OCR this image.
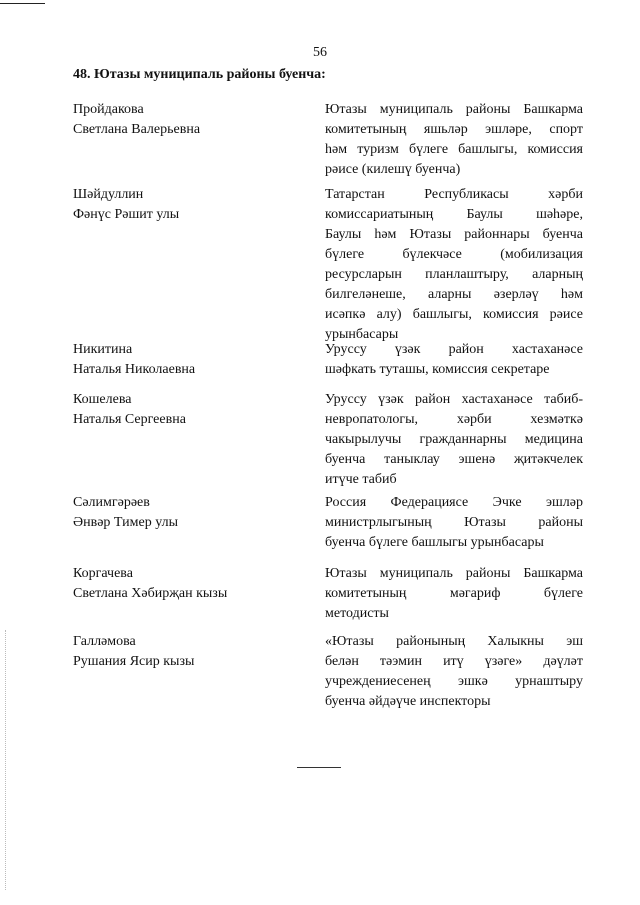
56
48. Ютазы муниципаль районы буенча:
Пройдакова
Светлана Валерьевна
Ютазы муниципаль районы Башкарма
комитетының яшьләр эшләре, спорт
һәм туризм бүлеге башлыгы, комиссия
рәисе (килешү буенча)
Шәйдуллин
Фәнүс Рәшит улы
Татарстан Республикасы хәрби
комиссариатының Баулы шәһәре,
Баулы һәм Ютазы районнары буенча
бүлеге бүлекчәсе (мобилизация
ресурсларын планлаштыру, аларның
билгеләнеше, аларны әзерләү һәм
исәпкә алу) башлыгы, комиссия рәисе
урынбасары
Никитина
Наталья Николаевна
Уруссу үзәк район хастаханәсе
шәфкать туташы, комиссия секретаре
Кошелева
Наталья Сергеевна
Уруссу үзәк район хастаханәсе табиб-
невропатологы, хәрби хезмәткә
чакырылучы гражданнарны медицина
буенча таныклау эшенә җитәкчелек
итүче табиб
Сәлимгәрәев
Әнвәр Тимер улы
Россия Федерациясе Эчке эшләр
министрлыгының Ютазы районы
буенча бүлеге башлыгы урынбасары
Коргачева
Светлана Хәбирҗан кызы
Ютазы муниципаль районы Башкарма
комитетының мәгариф бүлеге
методисты
Галләмова
Рушания Ясир кызы
«Ютазы районының Халыкны эш
белән тәэмин итү үзәге» дәүләт
учреждениесенең эшкә урнаштыру
буенча әйдәүче инспекторы
